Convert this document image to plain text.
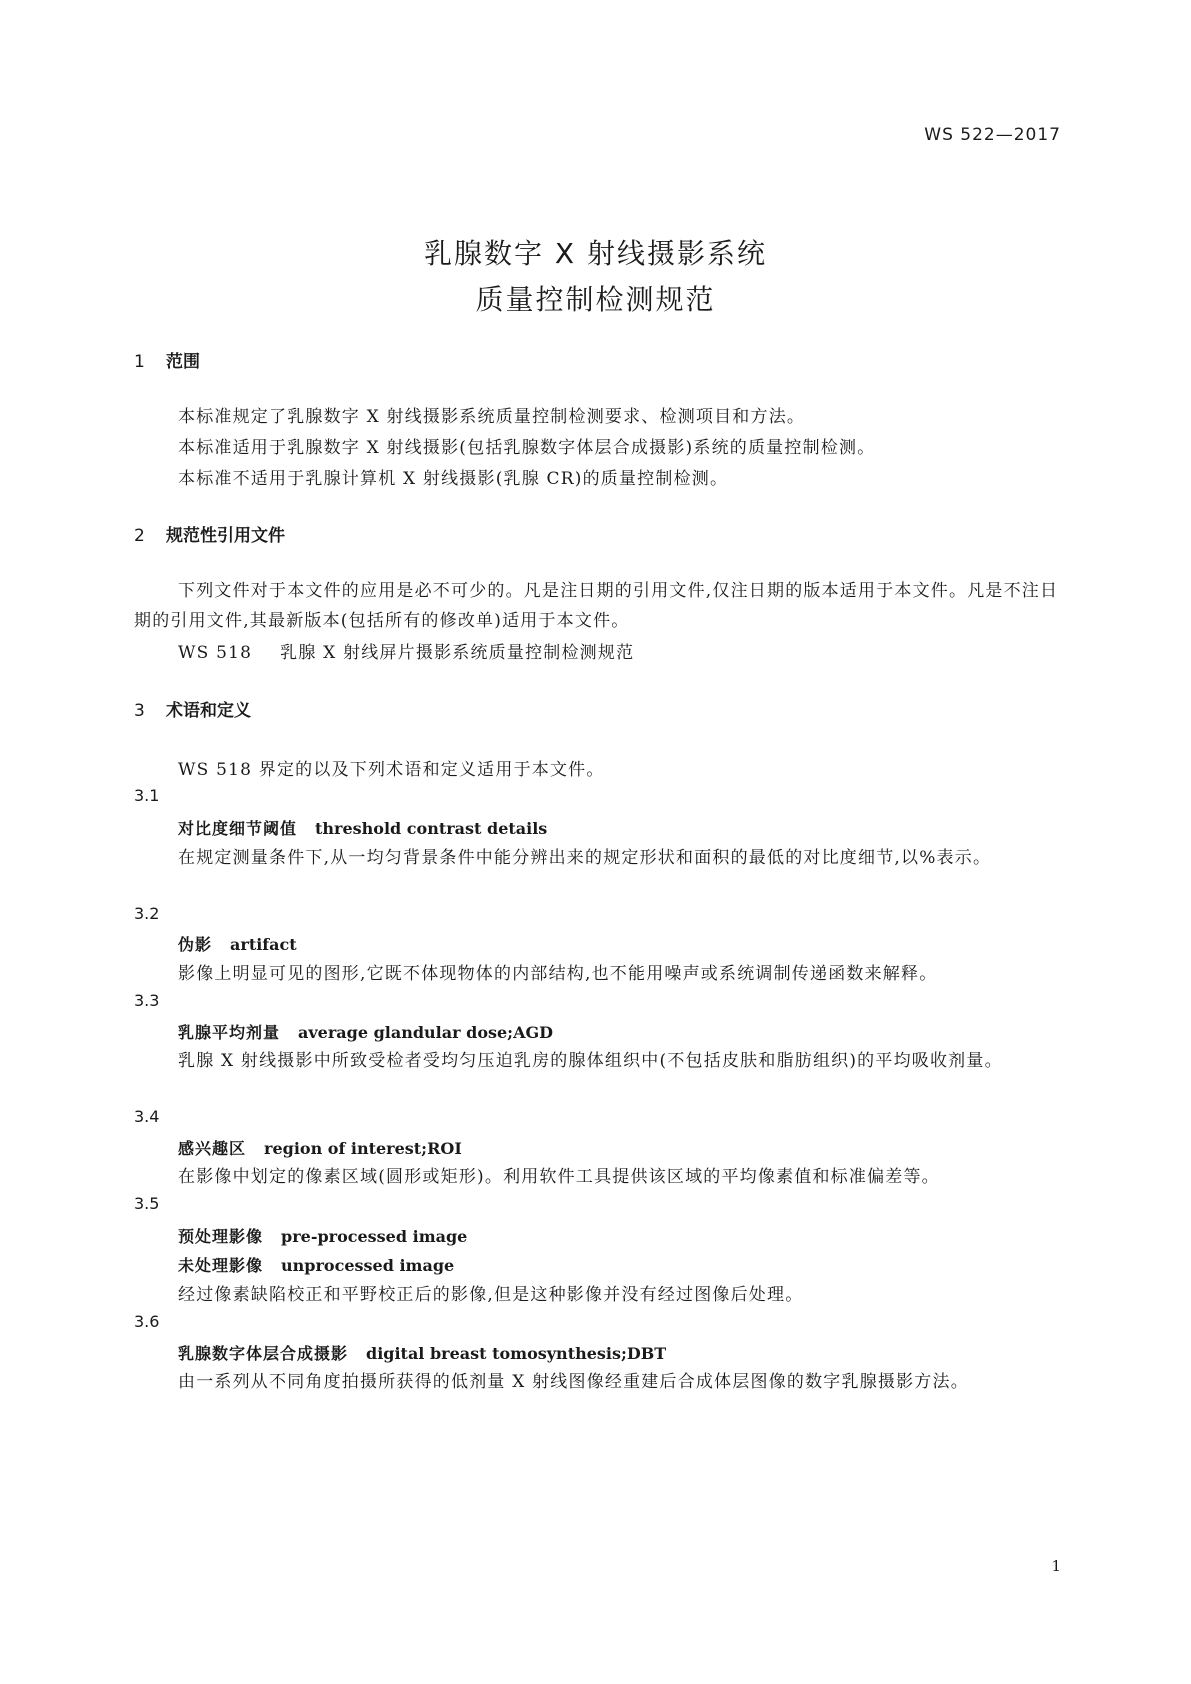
WS 522—2017
乳腺数字 X 射线摄影系统
质量控制检测规范
1 范围
本标准规定了乳腺数字 X 射线摄影系统质量控制检测要求、检测项目和方法。
本标准适用于乳腺数字 X 射线摄影(包括乳腺数字体层合成摄影)系统的质量控制检测。
本标准不适用于乳腺计算机 X 射线摄影(乳腺 CR)的质量控制检测。
2 规范性引用文件

下列文件对于本文件的应用是必不可少的。凡是注日期的引用文件,仅注日期的版本适用于本文件。凡是不注日期的引用文件,其最新版本(包括所有的修改单)适用于本文件。

WS 518 乳腺 X 射线屏片摄影系统质量控制检测规范
3 术语和定义
WS 518 界定的以及下列术语和定义适用于本文件。
3.1
对比度细节阈值 threshold contrast details

在规定测量条件下,从一均匀背景条件中能分辨出来的规定形状和面积的最低的对比度细节,以%表示。

3.2
伪影 artifact

影像上明显可见的图形,它既不体现物体的内部结构,也不能用噪声或系统调制传递函数来解释。

3.3
乳腺平均剂量 average glandular dose;AGD

乳腺 X 射线摄影中所致受检者受均匀压迫乳房的腺体组织中(不包括皮肤和脂肪组织)的平均吸收剂量。

3.4
感兴趣区 region of interest;ROI

在影像中划定的像素区域(圆形或矩形)。利用软件工具提供该区域的平均像素值和标准偏差等。

3.5
预处理影像 pre-processed image
未处理影像 unprocessed image

经过像素缺陷校正和平野校正后的影像,但是这种影像并没有经过图像后处理。

3.6
乳腺数字体层合成摄影 digital breast tomosynthesis;DBT

由一系列从不同角度拍摄所获得的低剂量 X 射线图像经重建后合成体层图像的数字乳腺摄影方法。

1
